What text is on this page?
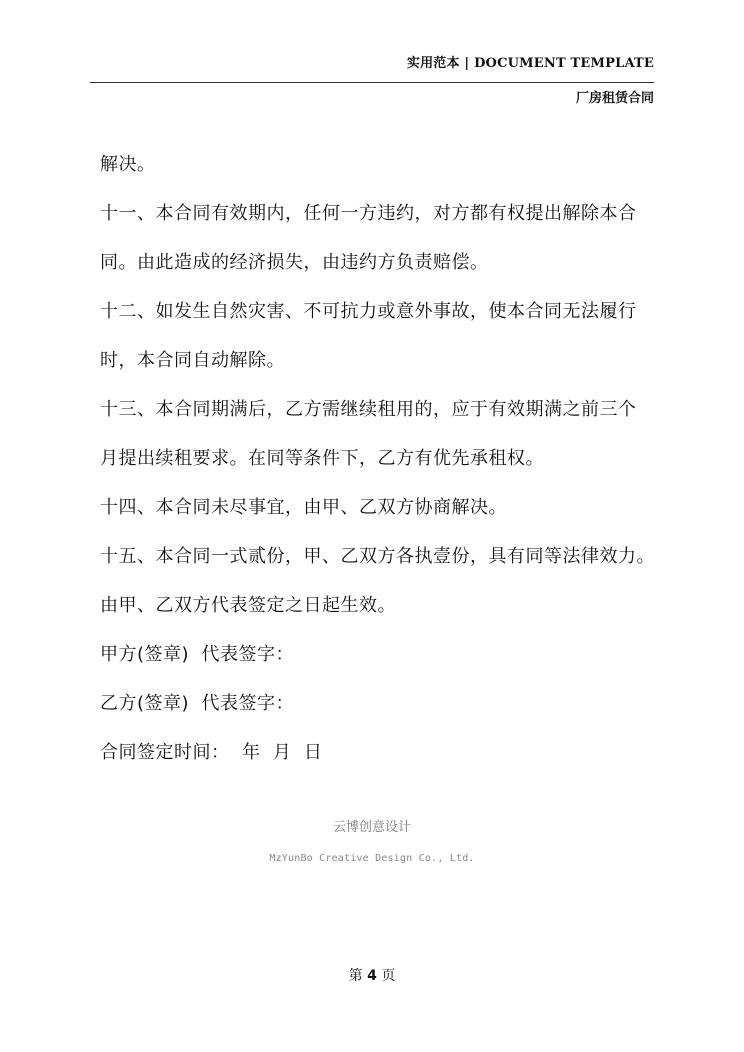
实用范本 | DOCUMENT TEMPLATE
厂房租赁合同
解决。
十一、本合同有效期内，任何一方违约，对方都有权提出解除本合
同。由此造成的经济损失，由违约方负责赔偿。
十二、如发生自然灾害、不可抗力或意外事故，使本合同无法履行
时，本合同自动解除。
十三、本合同期满后，乙方需继续租用的，应于有效期满之前三个
月提出续租要求。在同等条件下，乙方有优先承租权。
十四、本合同未尽事宜，由甲、乙双方协商解决。
十五、本合同一式贰份，甲、乙双方各执壹份，具有同等法律效力。
由甲、乙双方代表签定之日起生效。
甲方(签章)  代表签字：
乙方(签章)  代表签字：
合同签定时间：  年  月  日
云博创意设计
MzYunBo Creative Design Co., Ltd.
第 4 页
